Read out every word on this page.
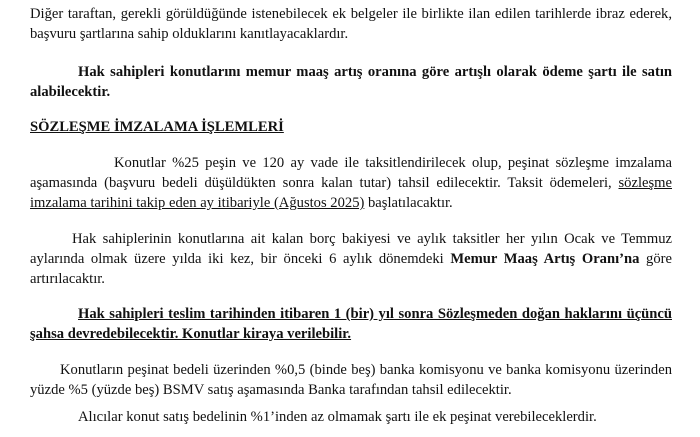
Diğer taraftan, gerekli görüldüğünde istenebilecek ek belgeler ile birlikte ilan edilen tarihlerde ibraz ederek, başvuru şartlarına sahip olduklarını kanıtlayacaklardır.

Hak sahipleri konutlarını memur maaş artış oranına göre artışlı olarak ödeme şartı ile satın alabilecektir.

SÖZLEŞME İMZALAMA İŞLEMLERİ

Konutlar %25 peşin ve 120 ay vade ile taksitlendirilecek olup, peşinat sözleşme imzalama aşamasında (başvuru bedeli düşüldükten sonra kalan tutar) tahsil edilecektir. Taksit ödemeleri, sözleşme imzalama tarihini takip eden ay itibariyle (Ağustos 2025) başlatılacaktır.

Hak sahiplerinin konutlarına ait kalan borç bakiyesi ve aylık taksitler her yılın Ocak ve Temmuz aylarında olmak üzere yılda iki kez, bir önceki 6 aylık dönemdeki Memur Maaş Artış Oranı’na göre artırılacaktır.

Hak sahipleri teslim tarihinden itibaren 1 (bir) yıl sonra Sözleşmeden doğan haklarını üçüncü şahsa devredebilecektir. Konutlar kiraya verilebilir.

Konutların peşinat bedeli üzerinden %0,5 (binde beş) banka komisyonu ve banka komisyonu üzerinden yüzde %5 (yüzde beş) BSMV satış aşamasında Banka tarafından tahsil edilecektir.

Alıcılar konut satış bedelinin %1’inden az olmamak şartı ile ek peşinat verebileceklerdir.
